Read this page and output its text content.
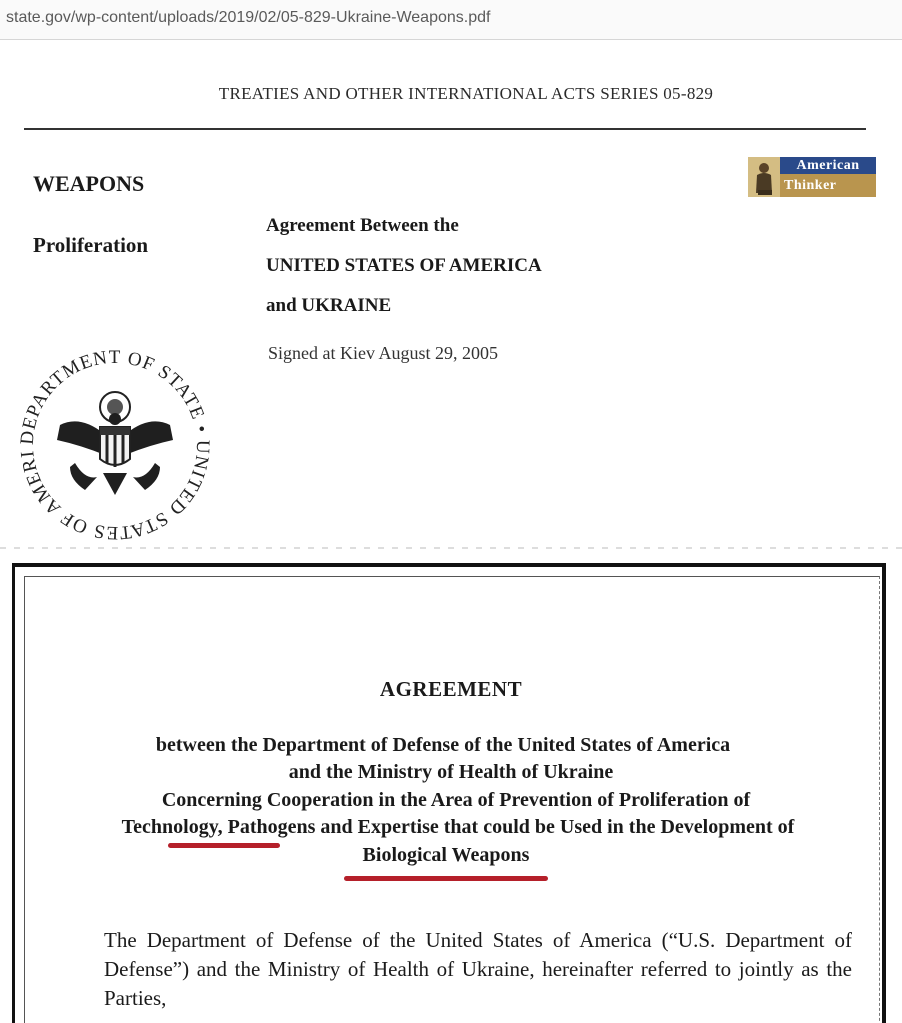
state.gov/wp-content/uploads/2019/02/05-829-Ukraine-Weapons.pdf
TREATIES AND OTHER INTERNATIONAL ACTS SERIES 05-829
WEAPONS
Proliferation
Agreement Between the
UNITED STATES OF AMERICA
and UKRAINE
Signed at Kiev August 29, 2005
American
Thinker
DEPARTMENT OF STATE • UNITED STATES OF AMERI
AGREEMENT
between the Department of Defense of the United States of America
and the Ministry of Health of Ukraine
Concerning Cooperation in the Area of Prevention of Proliferation of
Technology, Pathogens and Expertise that could be Used in the Development of
Biological Weapons
The Department of Defense of the United States of America (“U.S. Department of Defense”) and the Ministry of Health of Ukraine, hereinafter referred to jointly as the Parties,
